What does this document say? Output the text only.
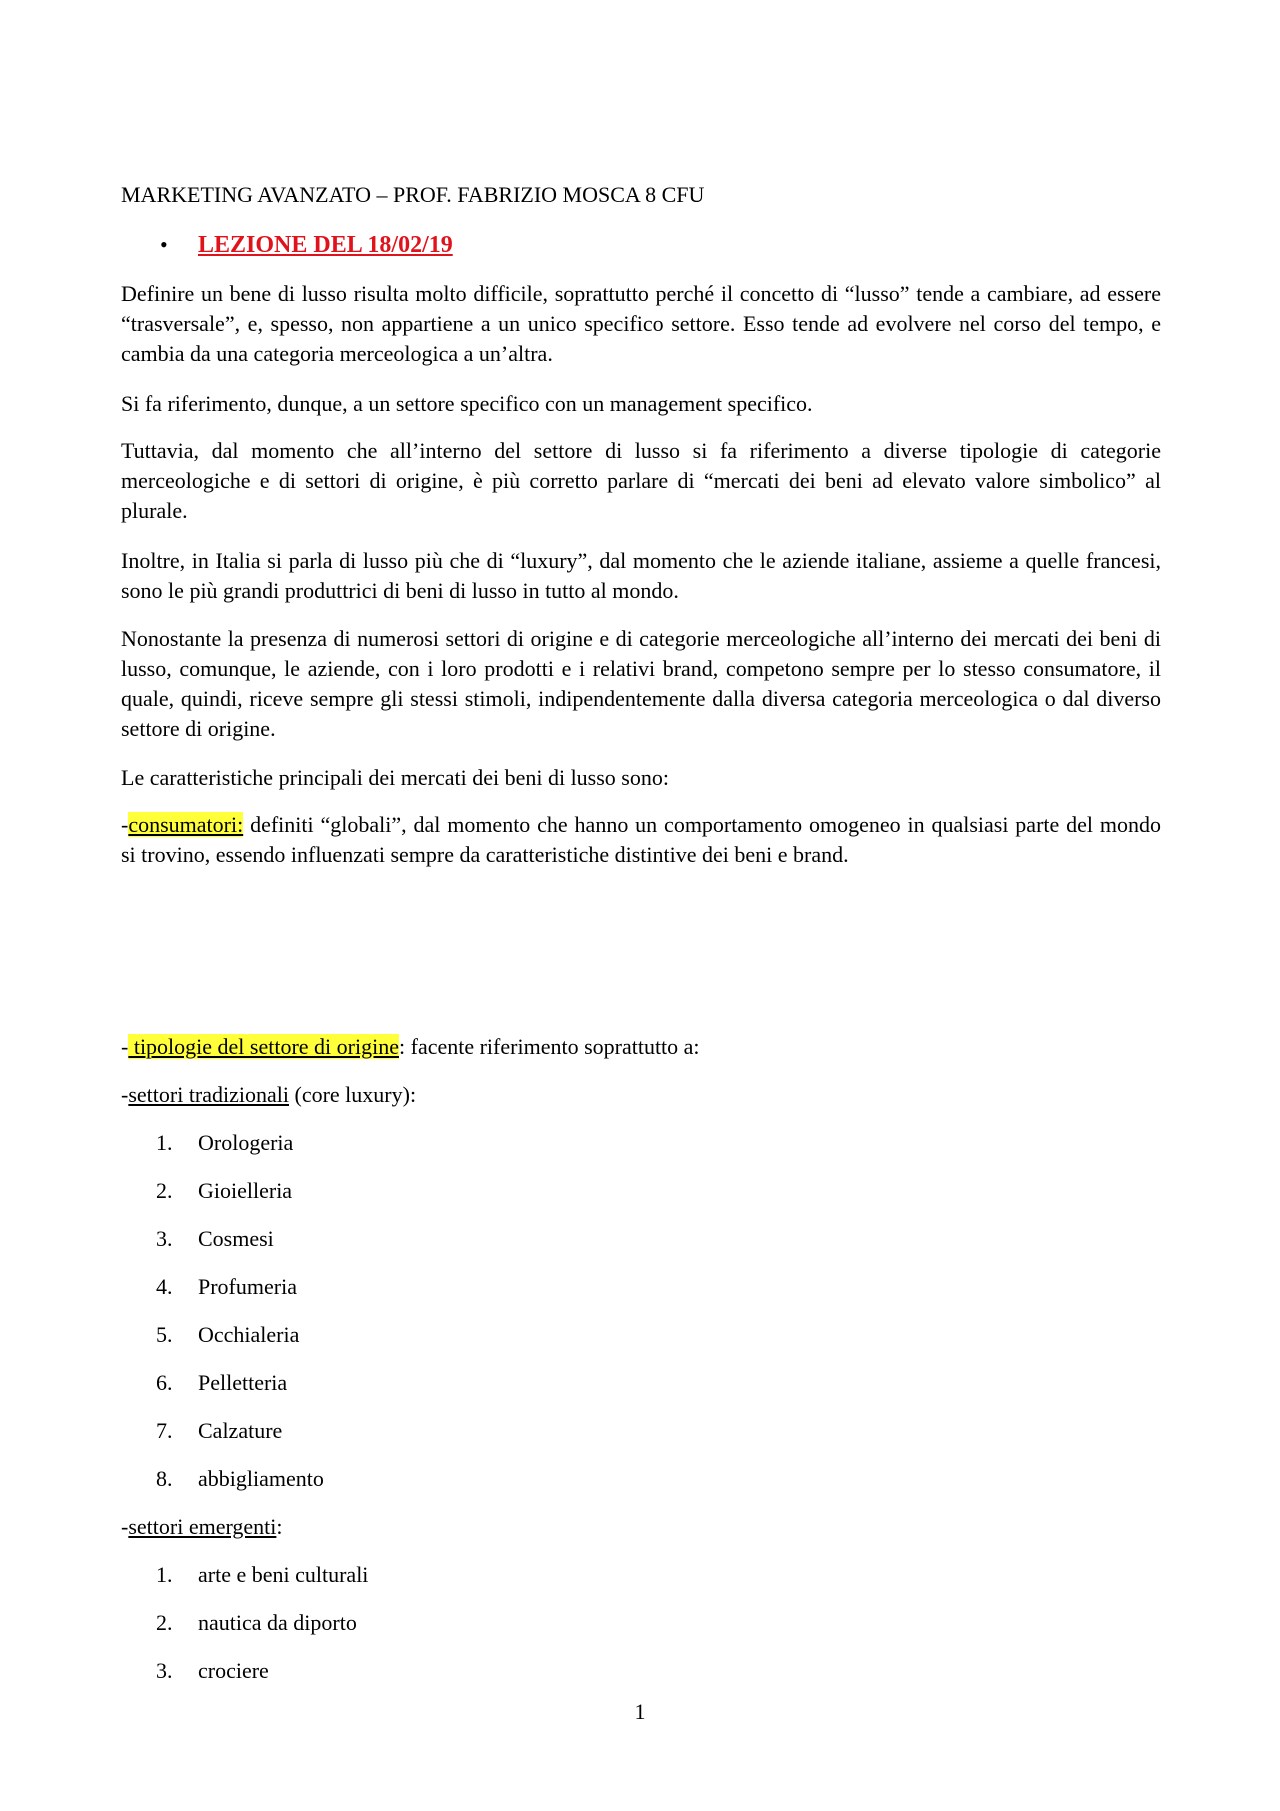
MARKETING AVANZATO – PROF. FABRIZIO MOSCA 8 CFU
• LEZIONE DEL 18/02/19
Definire un bene di lusso risulta molto difficile, soprattutto perché il concetto di “lusso” tende a cambiare, ad essere “trasversale”, e, spesso, non appartiene a un unico specifico settore. Esso tende ad evolvere nel corso del tempo, e cambia da una categoria merceologica a un’altra.
Si fa riferimento, dunque, a un settore specifico con un management specifico.
Tuttavia, dal momento che all’interno del settore di lusso si fa riferimento a diverse tipologie di categorie merceologiche e di settori di origine, è più corretto parlare di “mercati dei beni ad elevato valore simbolico” al plurale.
Inoltre, in Italia si parla di lusso più che di “luxury”, dal momento che le aziende italiane, assieme a quelle francesi, sono le più grandi produttrici di beni di lusso in tutto al mondo.
Nonostante la presenza di numerosi settori di origine e di categorie merceologiche all’interno dei mercati dei beni di lusso, comunque, le aziende, con i loro prodotti e i relativi brand, competono sempre per lo stesso consumatore, il quale, quindi, riceve sempre gli stessi stimoli, indipendentemente dalla diversa categoria merceologica o dal diverso settore di origine.
Le caratteristiche principali dei mercati dei beni di lusso sono:
-consumatori: definiti “globali”, dal momento che hanno un comportamento omogeneo in qualsiasi parte del mondo si trovino, essendo influenzati sempre da caratteristiche distintive dei beni e brand.
- tipologie del settore di origine: facente riferimento soprattutto a:
-settori tradizionali (core luxury):
1. Orologeria
2. Gioielleria
3. Cosmesi
4. Profumeria
5. Occhialeria
6. Pelletteria
7. Calzature
8. abbigliamento
-settori emergenti:
1. arte e beni culturali
2. nautica da diporto
3. crociere
1
